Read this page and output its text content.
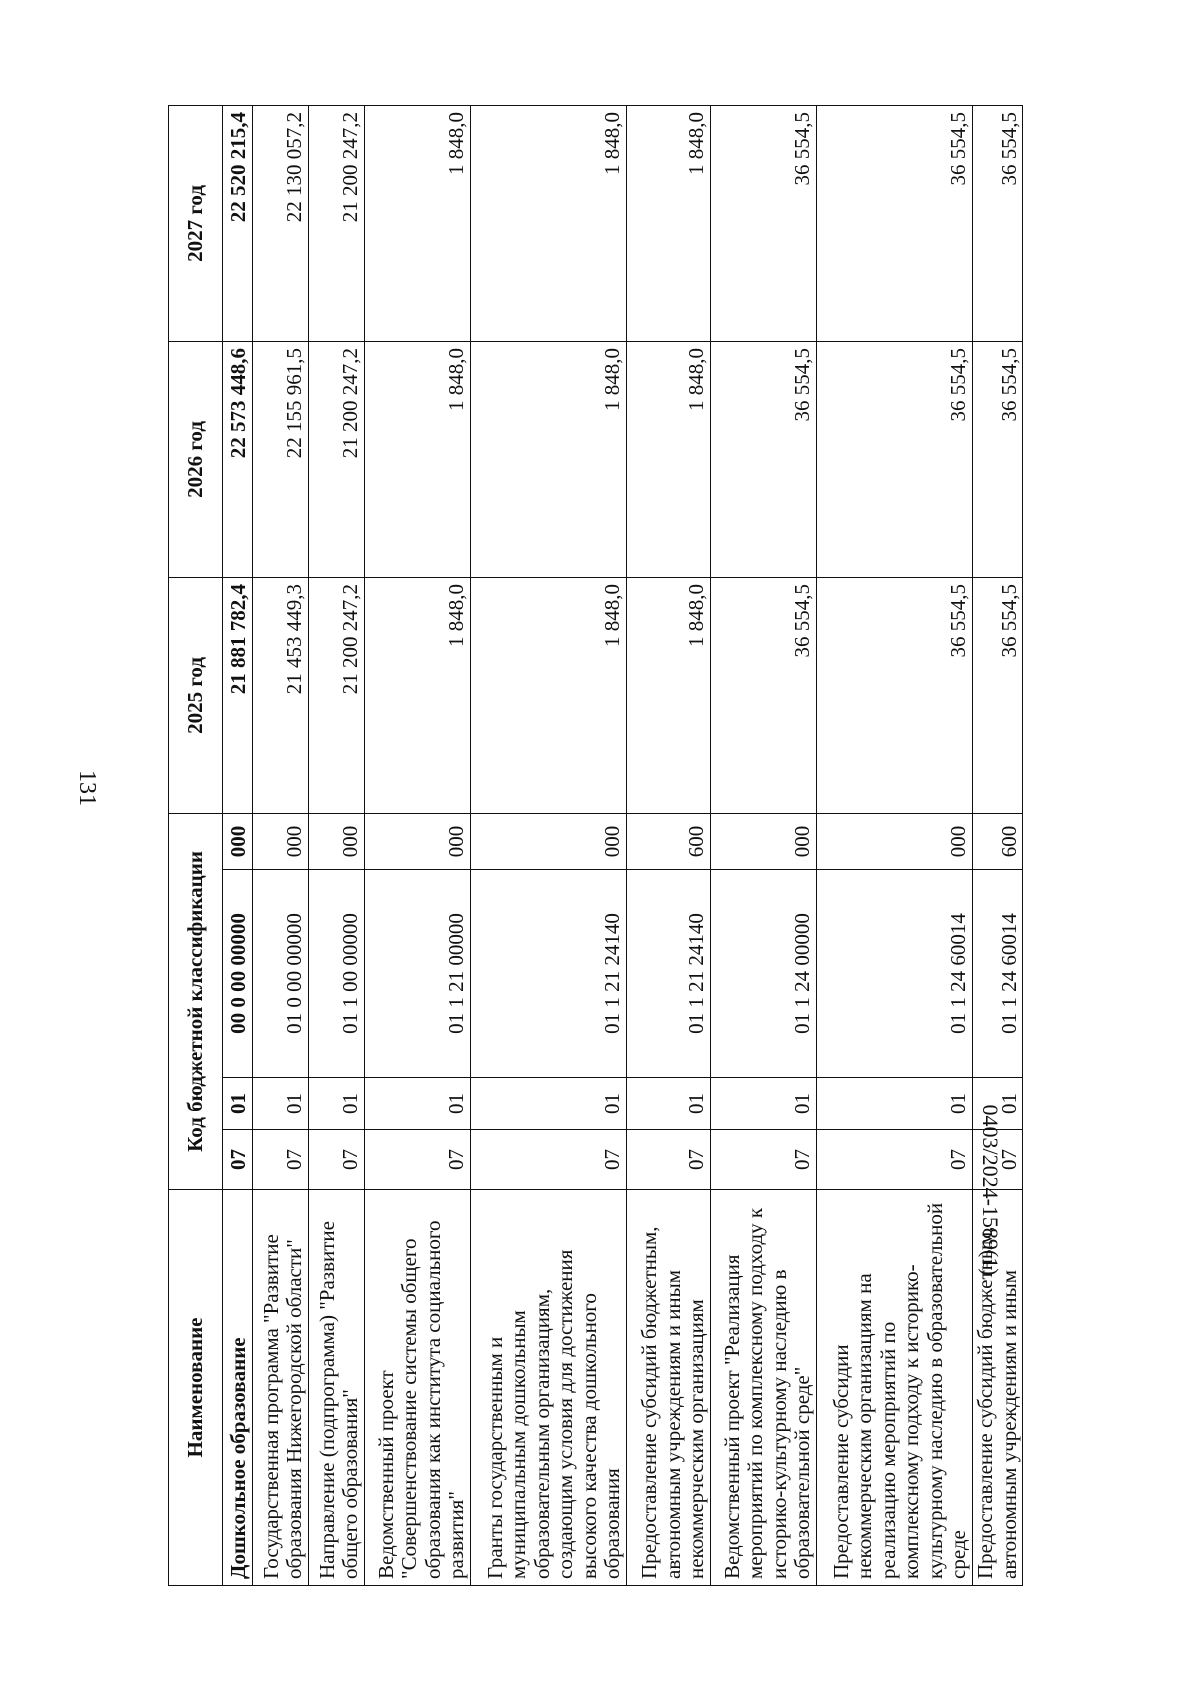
131
Наименование	Код бюджетной классификации				2025 год	2026 год	2027 год

Дошкольное образование	07	01	00 0 00 00000	000	21 881 782,4	22 573 448,6	22 520 215,4
Государственная программа "Развитие образования Нижегородской области"	07	01	01 0 00 00000	000	21 453 449,3	22 155 961,5	22 130 057,2
Направление (подпрограмма) "Развитие общего образования"	07	01	01 1 00 00000	000	21 200 247,2	21 200 247,2	21 200 247,2
Ведомственный проект "Совершенствование системы общего образования как института социального развития"	07	01	01 1 21 00000	000	1 848,0	1 848,0	1 848,0
Гранты государственным и муниципальным дошкольным образовательным организациям, создающим условия для достижения высокого качества дошкольного образования	07	01	01 1 21 24140	000	1 848,0	1 848,0	1 848,0
Предоставление субсидий бюджетным, автономным учреждениям и иным некоммерческим организациям	07	01	01 1 21 24140	600	1 848,0	1 848,0	1 848,0
Ведомственный проект "Реализация мероприятий по комплексному подходу к историко-культурному наследию в образовательной среде"	07	01	01 1 24 00000	000	36 554,5	36 554,5	36 554,5
Предоставление субсидии некоммерческим организациям на реализацию мероприятий по комплексному подходу к историко-культурному наследию в образовательной среде	07	01	01 1 24 60014	000	36 554,5	36 554,5	36 554,5
Предоставление субсидий бюджетным, автономным учреждениям и иным	07	01	01 1 24 60014	600	36 554,5	36 554,5	36 554,5
0403/2024-1589(1)
